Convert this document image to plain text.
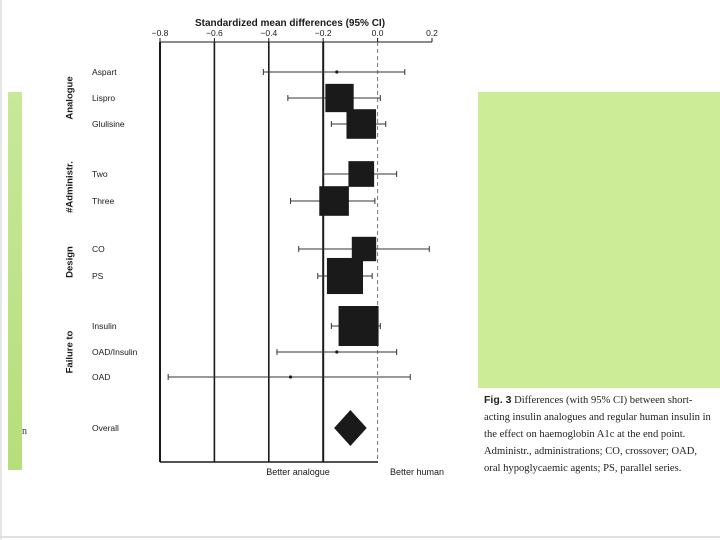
n
Standardized mean differences (95% CI)
−0.8	−0.6	−0.4	−0.2	0.0	0.2
Analogue
Aspart
Lispro
Glulisine
#Administr. Two
Three
Design CO
PS
Failure to
Insulin
OAD/Insulin
OAD
Overall
Better analogue	Better human

Fig. 3 Differences (with 95% CI) between short-acting insulin analogues and regular human insulin in the effect on haemoglobin A1c at the end point. Administr., administrations; CO, crossover; OAD, oral hypoglycaemic agents; PS, parallel series.
